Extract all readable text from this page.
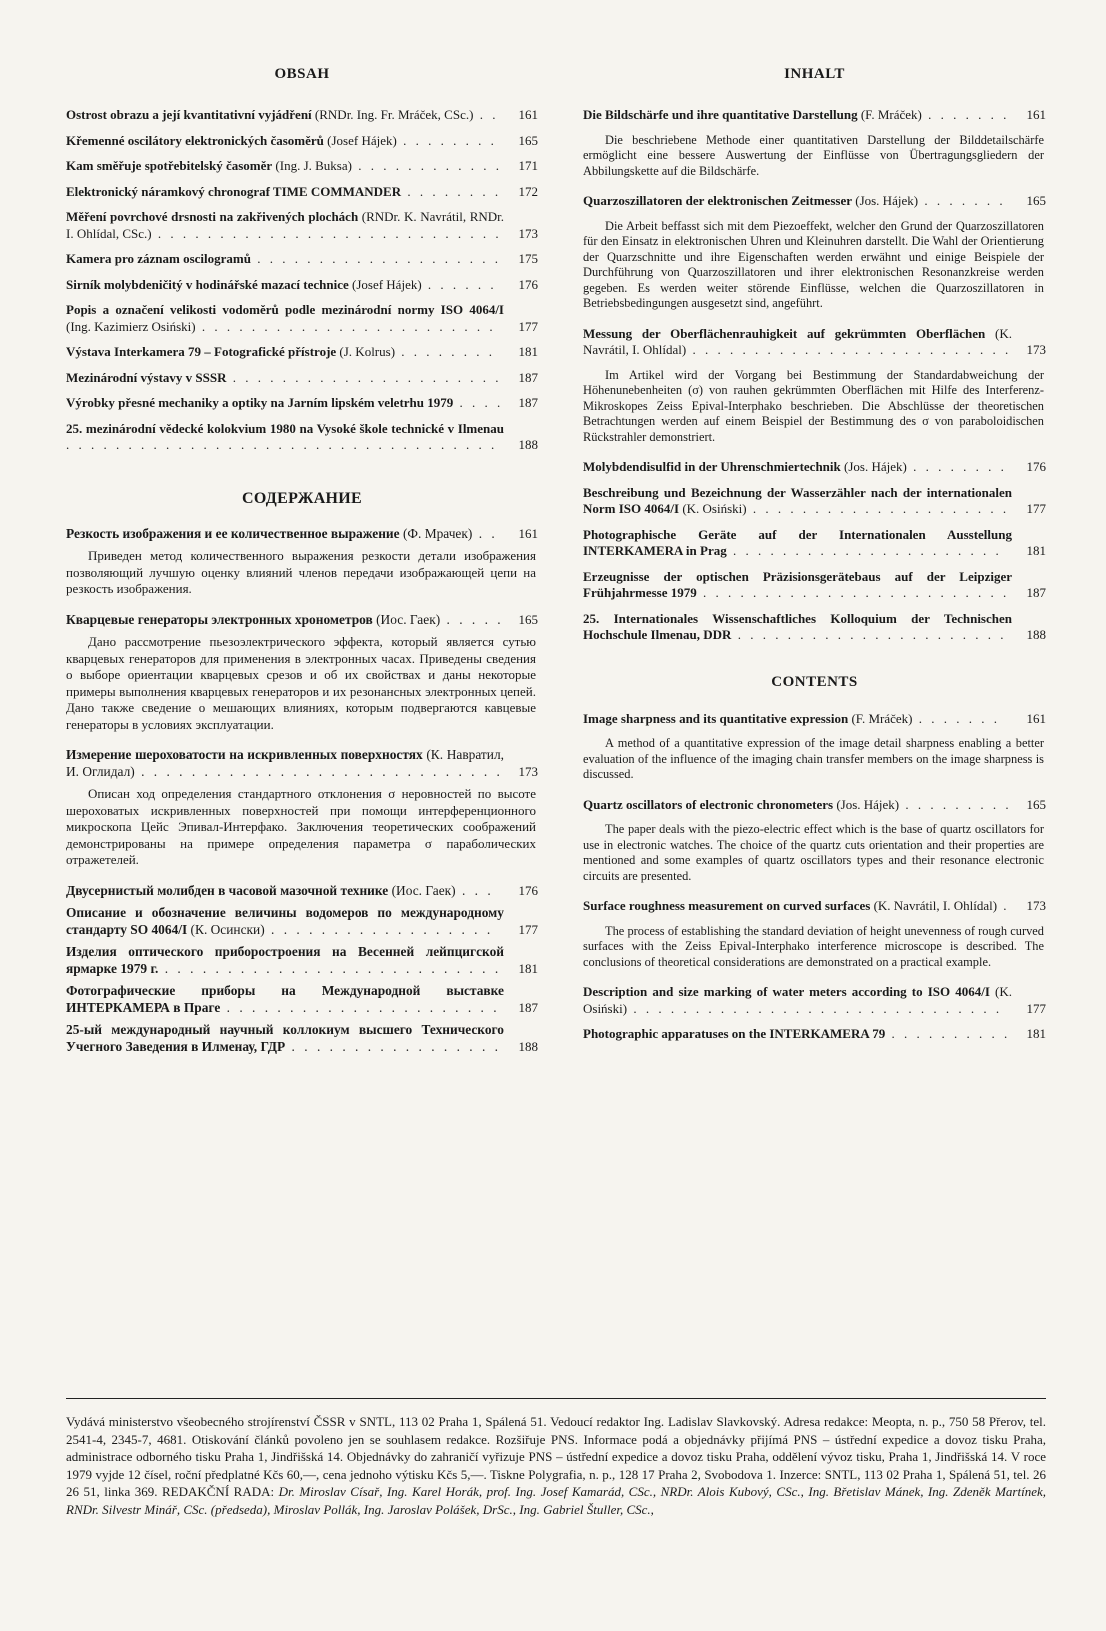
OBSAH
Ostrost obrazu a její kvantitativní vyjádření (RNDr. Ing. Fr. Mráček, CSc.) . .	161
Křemenné oscilátory elektronických časoměrů (Josef Hájek) . . . . . . . .	165
Kam směřuje spotřebitelský časoměr (Ing. J. Buksa) . . . . . . . . . . . .	171
Elektronický náramkový chronograf TIME COMMANDER . . . . . . . .	172
Měření povrchové drsnosti na zakřivených plochách (RNDr. K. Navrátil, RNDr. I. Ohlídal, CSc.) . . . . . . . . . . . . . . . . . . . . . . . . . . . .	173
Kamera pro záznam oscilogramů . . . . . . . . . . . . . . . . . . . .	175
Sirník molybdeničitý v hodinářské mazací technice (Josef Hájek) . . . . . .	176
Popis a označení velikosti vodoměrů podle mezinárodní normy ISO 4064/I (Ing. Kazimierz Osiński) . . . . . . . . . . . . . . . . . . . . . . . .	177
Výstava Interkamera 79 – Fotografické přístroje (J. Kolrus) . . . . . . . .	181
Mezinárodní výstavy v SSSR . . . . . . . . . . . . . . . . . . . . . .	187
Výrobky přesné mechaniky a optiky na Jarním lipském veletrhu 1979 . . . .	187
25. mezinárodní vědecké kolokvium 1980 na Vysoké škole technické v Ilmenau . . . . . . . . . . . . . . . . . . . . . . . . . . . . . . . . . . .	188
СОДЕРЖАНИЕ
Резкость изображения и ее количественное выражение (Ф. Мрачек) . .	161
Приведен метод количественного выражения резкости детали изображения позволяющий лучшую оценку влияний членов передачи изображающей цепи на резкость изображения.
Кварцевые генераторы электронных хронометров (Иос. Гаек) . . . . .	165
Дано рассмотрение пьезоэлектрического эффекта, который является сутью кварцевых генераторов для применения в электронных часах. Приведены сведения о выборе ориентации кварцевых срезов и об их свойствах и даны некоторые примеры выполнения кварцевых генераторов и их резонансных электронных цепей. Дано также сведение о мешающих влияниях, которым подвергаются кавцевые генераторы в условиях эксплуатации.
Измерение шероховатости на искривленных поверхностях (К. Навратил, И. Оглидал) . . . . . . . . . . . . . . . . . . . . . . . . . . . . .	173
Описан ход определения стандартного отклонения σ неровностей по высоте шероховатых искривленных поверхностей при помощи интерференционного микроскопа Цейс Эпивал-Интерфако. Заключения теоретических соображений демонстрированы на примере определения параметра σ параболических отражетелей.
Двусернистый молибден в часовой мазочной технике (Иос. Гаек) . . .	176
Описание и обозначение величины водомеров по международному стандарту SO 4064/I (К. Осински) . . . . . . . . . . . . . . . . . .	177
Изделия оптического приборостроения на Весенней лейпцигской ярмарке 1979 г. . . . . . . . . . . . . . . . . . . . . . . . . . . .	181
Фотографические приборы на Международной выставке ИНТЕРКАМЕРА в Праге . . . . . . . . . . . . . . . . . . . . . .	187
25-ый международный научный коллокиум высшего Технического Учегного Заведения в Илменау, ГДР . . . . . . . . . . . . . . . . .	188
INHALT
Die Bildschärfe und ihre quantitative Darstellung (F. Mráček) . . . . . . .	161
Die beschriebene Methode einer quantitativen Darstellung der Bilddetailschärfe ermöglicht eine bessere Auswertung der Einflüsse von Übertragungsgliedern der Abbilungskette auf die Bildschärfe.
Quarzoszillatoren der elektronischen Zeitmesser (Jos. Hájek) . . . . . . .	165
Die Arbeit beffasst sich mit dem Piezoeffekt, welcher den Grund der Quarzoszillatoren für den Einsatz in elektronischen Uhren und Kleinuhren darstellt. Die Wahl der Orientierung der Quarzschnitte und ihre Eigenschaften werden erwähnt und einige Beispiele der Durchführung von Quarzoszillatoren und ihrer elektronischen Resonanzkreise werden gegeben. Es werden weiter störende Einflüsse, welchen die Quarzoszillatoren in Betriebsbedingungen ausgesetzt sind, angeführt.
Messung der Oberflächenrauhigkeit auf gekrümmten Oberflächen (K. Navrátil, I. Ohlídal) . . . . . . . . . . . . . . . . . . . . . . . . . .	173
Im Artikel wird der Vorgang bei Bestimmung der Standardabweichung der Höhenunebenheiten (σ) von rauhen gekrümmten Oberflächen mit Hilfe des Interferenz-Mikroskopes Zeiss Epival-Interphako beschrieben. Die Abschlüsse der theoretischen Betrachtungen werden auf einem Beispiel der Bestimmung des σ von paraboloidischen Rückstrahler demonstriert.
Molybdendisulfid in der Uhrenschmiertechnik (Jos. Hájek) . . . . . . . .	176
Beschreibung und Bezeichnung der Wasserzähler nach der internationalen Norm ISO 4064/I (K. Osiński) . . . . . . . . . . . . . . . . . . . . .	177
Photographische Geräte auf der Internationalen Ausstellung INTERKAMERA in Prag . . . . . . . . . . . . . . . . . . . . . .	181
Erzeugnisse der optischen Präzisionsgerätebaus auf der Leipziger Frühjahrmesse 1979 . . . . . . . . . . . . . . . . . . . . . . . . .	187
25. Internationales Wissenschaftliches Kolloquium der Technischen Hochschule Ilmenau, DDR . . . . . . . . . . . . . . . . . . . . . .	188
CONTENTS
Image sharpness and its quantitative expression (F. Mráček) . . . . . . .	161
A method of a quantitative expression of the image detail sharpness enabling a better evaluation of the influence of the imaging chain transfer members on the image sharpness is discussed.
Quartz oscillators of electronic chronometers (Jos. Hájek) . . . . . . . . .	165
The paper deals with the piezo-electric effect which is the base of quartz oscillators for use in electronic watches. The choice of the quartz cuts orientation and their properties are mentioned and some examples of quartz oscillators types and their resonance electronic circuits are presented.
Surface roughness measurement on curved surfaces (K. Navrátil, I. Ohlídal) .	173
The process of establishing the standard deviation of height unevenness of rough curved surfaces with the Zeiss Epival-Interphako interference microscope is described. The conclusions of theoretical considerations are demonstrated on a practical example.
Description and size marking of water meters according to ISO 4064/I (K. Osiński) . . . . . . . . . . . . . . . . . . . . . . . . . . . . . .	177
Photographic apparatuses on the INTERKAMERA 79 . . . . . . . . . .	181
Vydává ministerstvo všeobecného strojírenství ČSSR v SNTL, 113 02 Praha 1, Spálená 51. Vedoucí redaktor Ing. Ladislav Slavkovský. Adresa redakce: Meopta, n. p., 750 58 Přerov, tel. 2541-4, 2345-7, 4681. Otiskování článků povoleno jen se souhlasem redakce. Rozšiřuje PNS. Informace podá a objednávky přijímá PNS – ústřední expedice a dovoz tisku Praha, administrace odborného tisku Praha 1, Jindřišská 14. Objednávky do zahraničí vyřizuje PNS – ústřední expedice a dovoz tisku Praha, oddělení vývoz tisku, Praha 1, Jindřišská 14. V roce 1979 vyjde 12 čísel, roční předplatné Kčs 60,—, cena jednoho výtisku Kčs 5,—. Tiskne Polygrafia, n. p., 128 17 Praha 2, Svobodova 1. Inzerce: SNTL, 113 02 Praha 1, Spálená 51, tel. 26 26 51, linka 369. REDAKČNÍ RADA: Dr. Miroslav Císař, Ing. Karel Horák, prof. Ing. Josef Kamarád, CSc., NRDr. Alois Kubový, CSc., Ing. Břetislav Mánek, Ing. Zdeněk Martínek, RNDr. Silvestr Minář, CSc. (předseda), Miroslav Pollák, Ing. Jaroslav Polášek, DrSc., Ing. Gabriel Štuller, CSc.,
